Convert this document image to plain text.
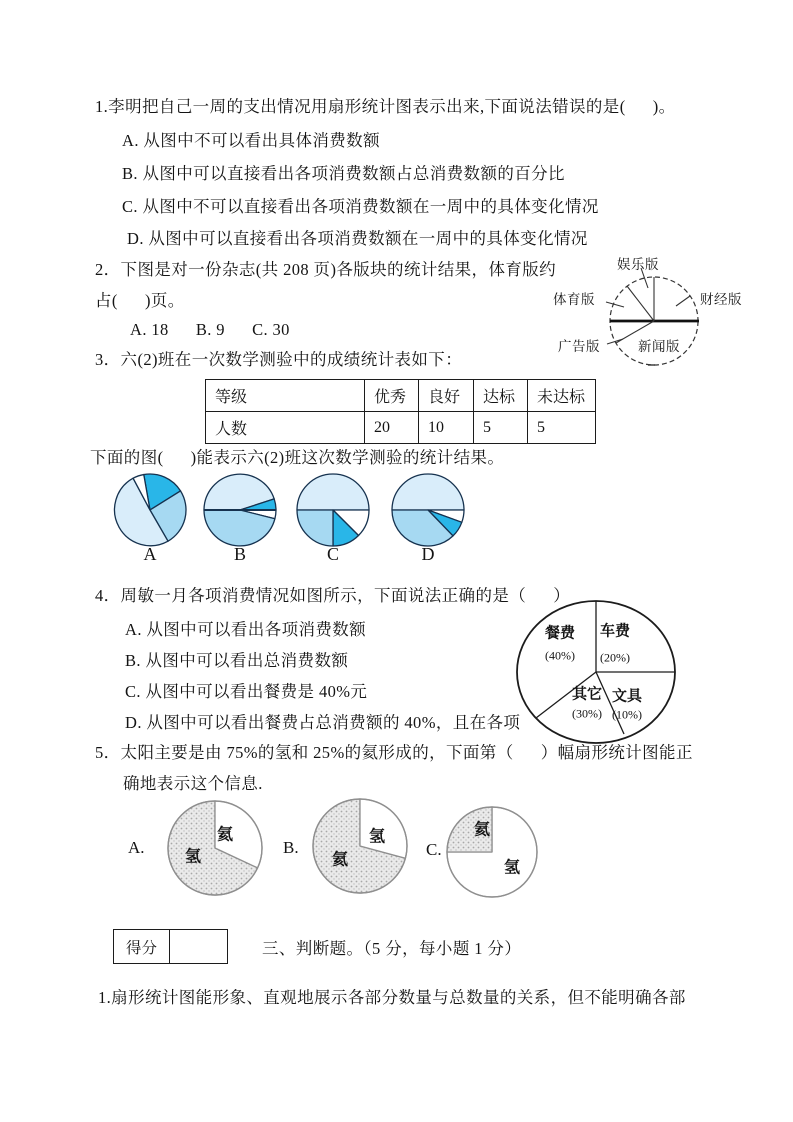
1.李明把自己一周的支出情况用扇形统计图表示出来,下面说法错误的是(      )。
A. 从图中不可以看出具体消费数额
B. 从图中可以直接看出各项消费数额占总消费数额的百分比
C. 从图中不可以直接看出各项消费数额在一周中的具体变化情况
D. 从图中可以直接看出各项消费数额在一周中的具体变化情况
2．下图是对一份杂志(共 208 页)各版块的统计结果，体育版约
占(      )页。
A. 18      B. 9      C. 30
娱乐版
财经版
体育版
广告版	新闻版
3．六(2)班在一次数学测验中的成绩统计表如下：
等级	优秀	良好	达标	未达标
人数	20	10	5	5
下面的图(      )能表示六(2)班这次数学测验的统计结果。
A	B	C	D
4．周敏一月各项消费情况如图所示，下面说法正确的是（      ）
A. 从图中可以看出各项消费数额
B. 从图中可以看出总消费数额
C. 从图中可以看出餐费是 40%元
D. 从图中可以看出餐费占总消费额的 40%，且在各项
餐费
(40%)
车费
(20%)
文具
(10%)
其它
(30%)
5．太阳主要是由 75%的氢和 25%的氦形成的，下面第（      ）幅扇形统计图能正
确地表示这个信息.
A.
氦
氢	B.
氢
氦
C.
氦
氢
得分		三、判断题。（5 分，每小题 1 分）
1.扇形统计图能形象、直观地展示各部分数量与总数量的关系，但不能明确各部
